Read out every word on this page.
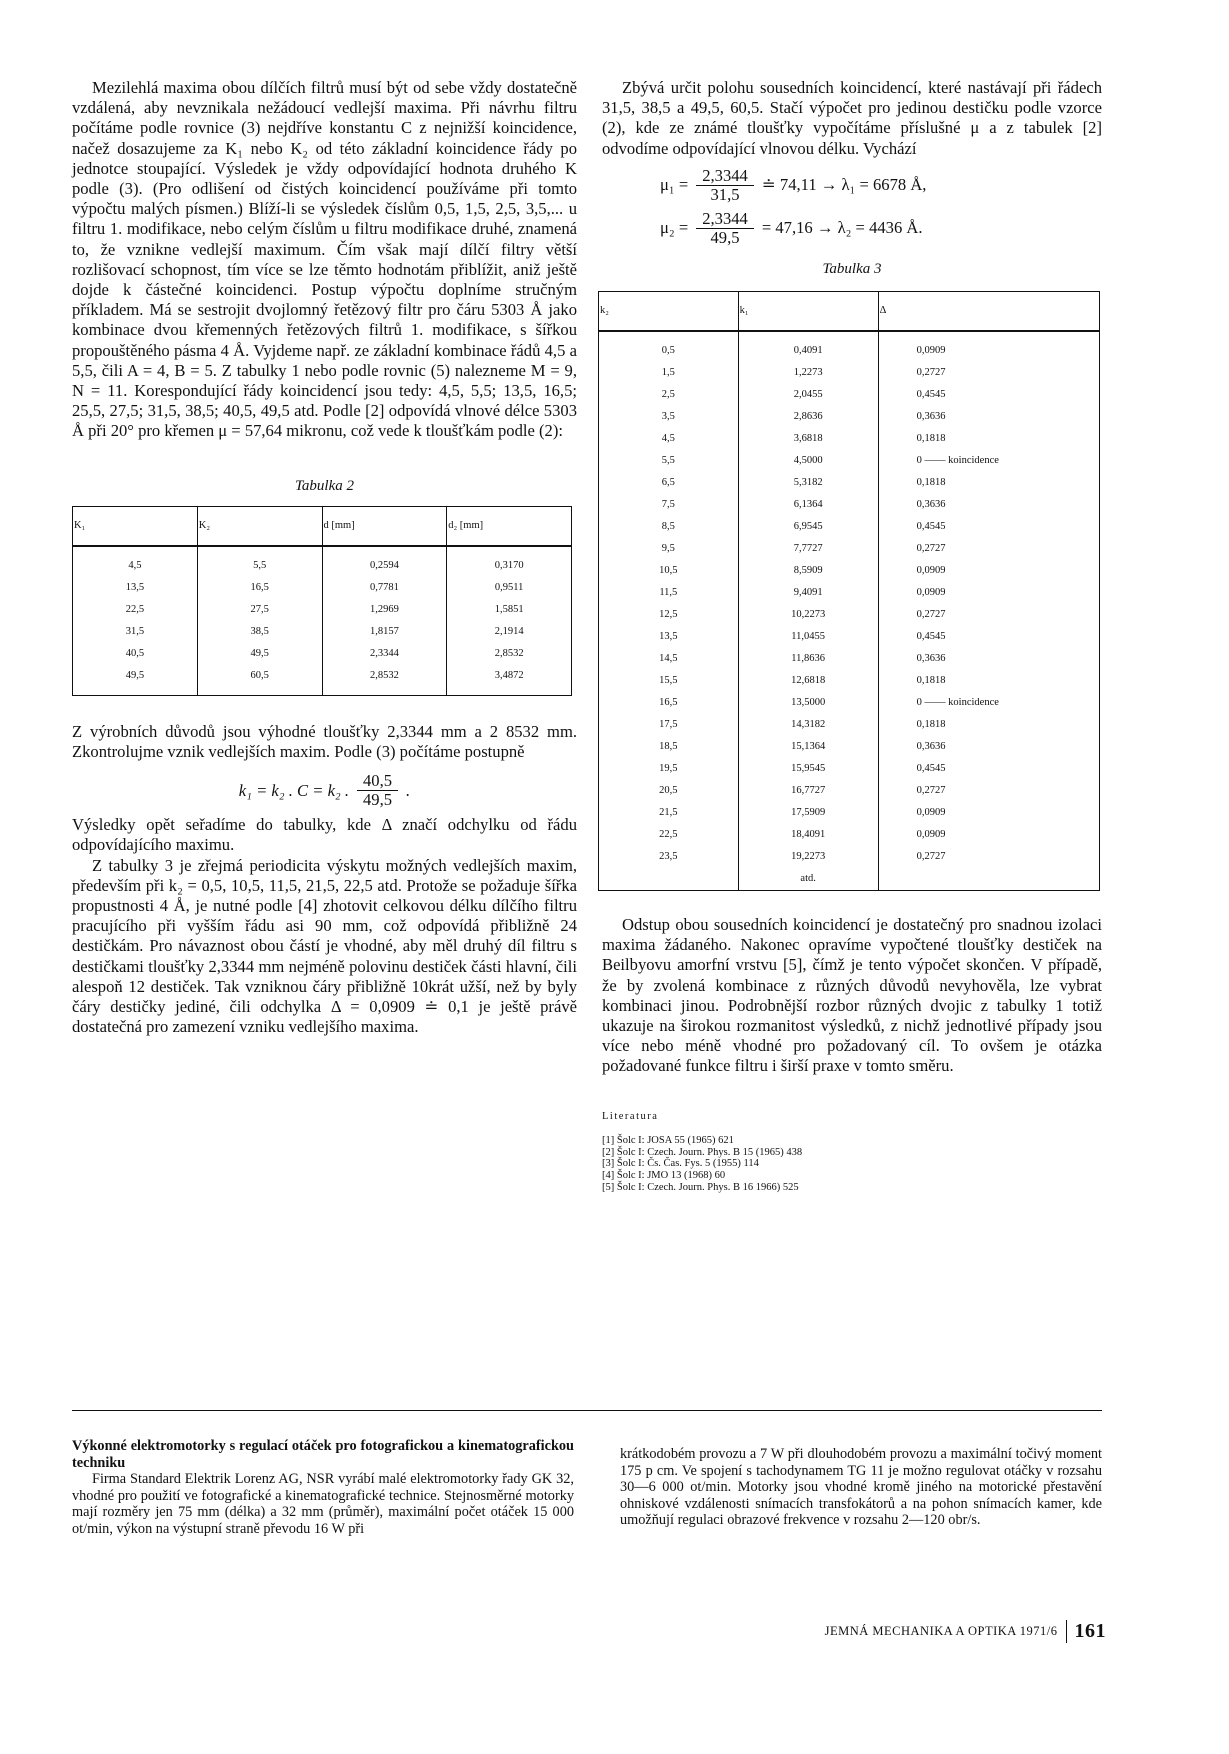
Mezilehlá maxima obou dílčích filtrů musí být od sebe vždy dostatečně vzdálená, aby nevznikala nežádoucí vedlejší maxima. Při návrhu filtru počítáme podle rovnice (3) nejdříve konstantu C z nejnižší koincidence, načež dosazujeme za K₁ nebo K₂ od této základní koincidence řády po jednotce stoupající. Výsledek je vždy odpovídající hodnota druhého K podle (3). (Pro odlišení od čistých koincidencí používáme při tomto výpočtu malých písmen.) Blíží-li se výsledek číslům 0,5, 1,5, 2,5, 3,5,... u filtru 1. modifikace, nebo celým číslům u filtru modifikace druhé, znamená to, že vznikne vedlejší maximum. Čím však mají dílčí filtry větší rozlišovací schopnost, tím více se lze těmto hodnotám přiblížit, aniž ještě dojde k částečné koincidenci. Postup výpočtu doplníme stručným příkladem. Má se sestrojit dvojlomný řetězový filtr pro čáru 5303 Å jako kombinace dvou křemenných řetězových filtrů 1. modifikace, s šířkou propouštěného pásma 4 Å. Vyjdeme např. ze základní kombinace řádů 4,5 a 5,5, čili A = 4, B = 5. Z tabulky 1 nebo podle rovnic (5) nalezneme M = 9, N = 11. Korespondující řády koincidencí jsou tedy: 4,5, 5,5; 13,5, 16,5; 25,5, 27,5; 31,5, 38,5; 40,5, 49,5 atd. Podle [2] odpovídá vlnové délce 5303 Å při 20° pro křemen μ = 57,64 mikronu, což vede k tloušťkám podle (2):

Tabulka 2
K₁	K₂	d [mm]	d₂ [mm]
4,5	5,5	0,2594	0,3170
13,5	16,5	0,7781	0,9511
22,5	27,5	1,2969	1,5851
31,5	38,5	1,8157	2,1914
40,5	49,5	2,3344	2,8532
49,5	60,5	2,8532	3,4872

Z výrobních důvodů jsou výhodné tloušťky 2,3344 mm a 2 8532 mm. Zkontrolujme vznik vedlejších maxim. Podle (3) počítáme postupně

k₁ = k₂ . C = k₂ . $\frac{40,5}{49,5}$ .

Výsledky opět seřadíme do tabulky, kde Δ značí odchylku od řádu odpovídajícího maximu.

Z tabulky 3 je zřejmá periodicita výskytu možných vedlejších maxim, především při k₂ = 0,5, 10,5, 11,5, 21,5, 22,5 atd. Protože se požaduje šířka propustnosti 4 Å, je nutné podle [4] zhotovit celkovou délku dílčího filtru pracujícího při vyšším řádu asi 90 mm, což odpovídá přibližně 24 destičkám. Pro návaznost obou částí je vhodné, aby měl druhý díl filtru s destičkami tloušťky 2,3344 mm nejméně polovinu destiček části hlavní, čili alespoň 12 destiček. Tak vzniknou čáry přibližně 10krát užší, než by byly čáry destičky jediné, čili odchylka Δ = 0,0909 ≐ 0,1 je ještě právě dostatečná pro zamezení vzniku vedlejšího maxima.

Zbývá určit polohu sousedních koincidencí, které nastávají při řádech 31,5, 38,5 a 49,5, 60,5. Stačí výpočet pro jedinou destičku podle vzorce (2), kde ze známé tloušťky vypočítáme příslušné μ a z tabulek [2] odvodíme odpovídající vlnovou délku. Vychází

$\mu_1 = \frac{2,3344}{31,5}$ ≐ 74,11 → λ₁ = 6678 Å,
$\mu_2 = \frac{2,3344}{49,5} = 47,16 \to \lambda_2 = 4436$ Å.
Tabulka 3
k₂	k₁	Δ
0,5	0,4091	0,0909
1,5	1,2273	0,2727
2,5	2,0455	0,4545
3,5	2,8636	0,3636
4,5	3,6818	0,1818
5,5	4,5000	0 —— koincidence
6,5	5,3182	0,1818
7,5	6,1364	0,3636
8,5	6,9545	0,4545
9,5	7,7727	0,2727
10,5	8,5909	0,0909
11,5	9,4091	0,0909
12,5	10,2273	0,2727
13,5	11,0455	0,4545
14,5	11,8636	0,3636
15,5	12,6818	0,1818
16,5	13,5000	0 —— koincidence
17,5	14,3182	0,1818
18,5	15,1364	0,3636
19,5	15,9545	0,4545
20,5	16,7727	0,2727
21,5	17,5909	0,0909
22,5	18,4091	0,0909
23,5	19,2273	0,2727
	atd.	

Odstup obou sousedních koincidencí je dostatečný pro snadnou izolaci maxima žádaného. Nakonec opravíme vypočtené tloušťky destiček na Beilbyovu amorfní vrstvu [5], čímž je tento výpočet skončen. V případě, že by zvolená kombinace z různých důvodů nevyhověla, lze vybrat kombinaci jinou. Podrobnější rozbor různých dvojic z tabulky 1 totiž ukazuje na širokou rozmanitost výsledků, z nichž jednotlivé případy jsou více nebo méně vhodné pro požadovaný cíl. To ovšem je otázka požadované funkce filtru i širší praxe v tomto směru.

Literatura

[1] Šolc I: JOSA 55 (1965) 621

[2] Šolc I: Czech. Journ. Phys. B 15 (1965) 438

[3] Šolc I: Čs. Čas. Fys. 5 (1955) 114

[4] Šolc I: JMO 13 (1968) 60

[5] Šolc I: Czech. Journ. Phys. B 16 1966) 525

Výkonné elektromotorky s regulací otáček pro fotografickou a kinematografickou techniku
Firma Standard Elektrik Lorenz AG, NSR vyrábí malé elektromotorky řady GK 32, vhodné pro použití ve fotografické a kinematografické technice. Stejnosměrné motorky mají rozměry jen 75 mm (délka) a 32 mm (průměr), maximální počet otáček 15 000 ot/min, výkon na výstupní straně převodu 16 W při
krátkodobém provozu a 7 W při dlouhodobém provozu a maximální točivý moment 175 p cm. Ve spojení s tachodynamem TG 11 je možno regulovat otáčky v rozsahu 30—6 000 ot/min. Motorky jsou vhodné kromě jiného na motorické přestavění ohniskové vzdálenosti snímacích transfokátorů a na pohon snímacích kamer, kde umožňují regulaci obrazové frekvence v rozsahu 2—120 obr/s.
JEMNÁ MECHANIKA A OPTIKA 1971/6 161
